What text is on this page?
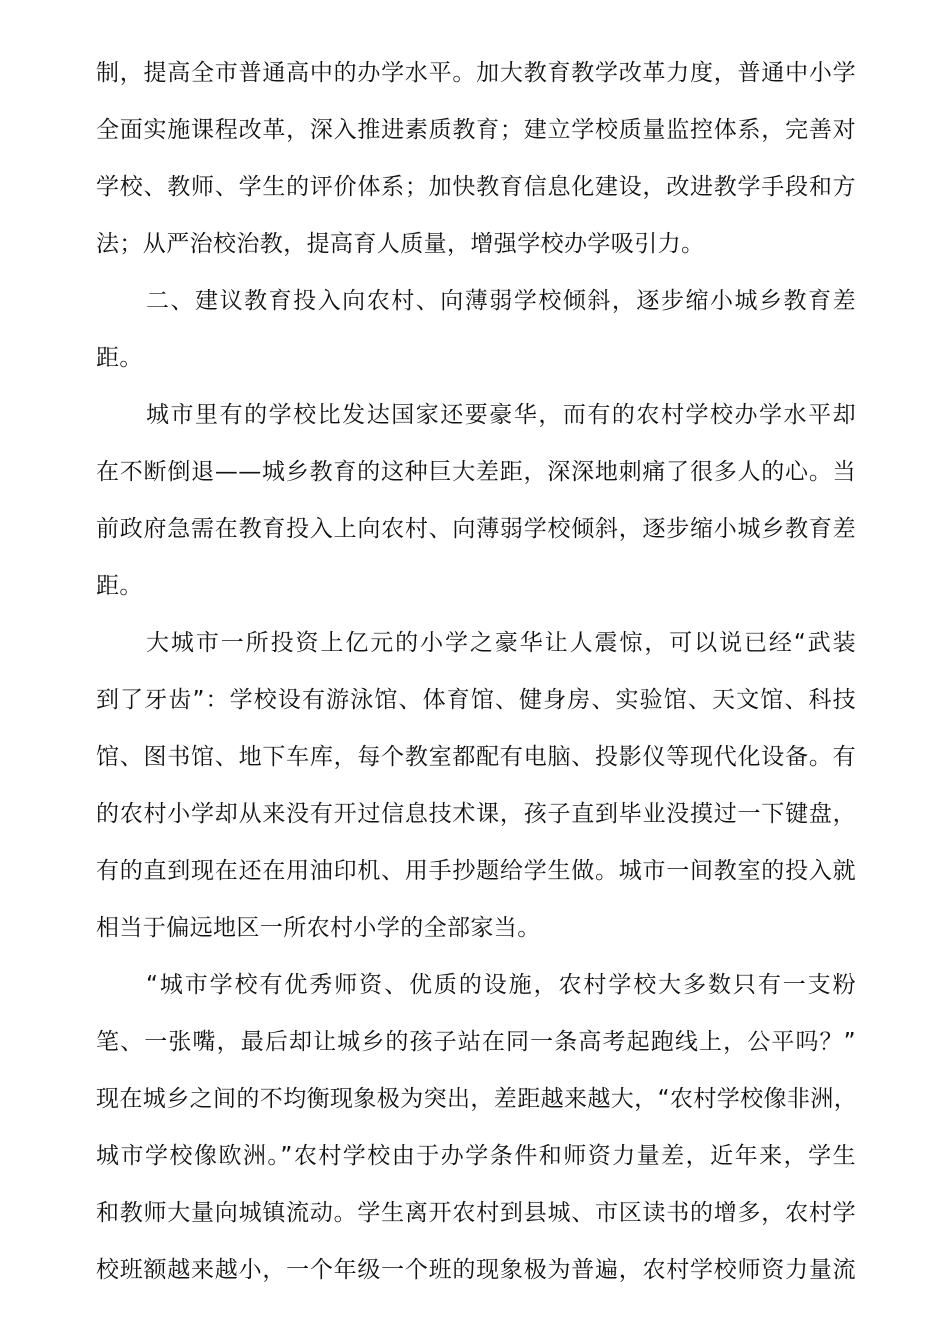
制，提高全市普通高中的办学水平。加大教育教学改革力度，普通中小学
全面实施课程改革，深入推进素质教育；建立学校质量监控体系，完善对
学校、教师、学生的评价体系；加快教育信息化建设，改进教学手段和方
法；从严治校治教，提高育人质量，增强学校办学吸引力。
二、建议教育投入向农村、向薄弱学校倾斜，逐步缩小城乡教育差
距。
城市里有的学校比发达国家还要豪华，而有的农村学校办学水平却
在不断倒退——城乡教育的这种巨大差距，深深地刺痛了很多人的心。当
前政府急需在教育投入上向农村、向薄弱学校倾斜，逐步缩小城乡教育差
距。
大城市一所投资上亿元的小学之豪华让人震惊，可以说已经“武装
到了牙齿”：学校设有游泳馆、体育馆、健身房、实验馆、天文馆、科技
馆、图书馆、地下车库，每个教室都配有电脑、投影仪等现代化设备。有
的农村小学却从来没有开过信息技术课，孩子直到毕业没摸过一下键盘，
有的直到现在还在用油印机、用手抄题给学生做。城市一间教室的投入就
相当于偏远地区一所农村小学的全部家当。
“城市学校有优秀师资、优质的设施，农村学校大多数只有一支粉
笔、一张嘴，最后却让城乡的孩子站在同一条高考起跑线上，公平吗？”
现在城乡之间的不均衡现象极为突出，差距越来越大，“农村学校像非洲，
城市学校像欧洲。”农村学校由于办学条件和师资力量差，近年来，学生
和教师大量向城镇流动。学生离开农村到县城、市区读书的增多，农村学
校班额越来越小，一个年级一个班的现象极为普遍，农村学校师资力量流
